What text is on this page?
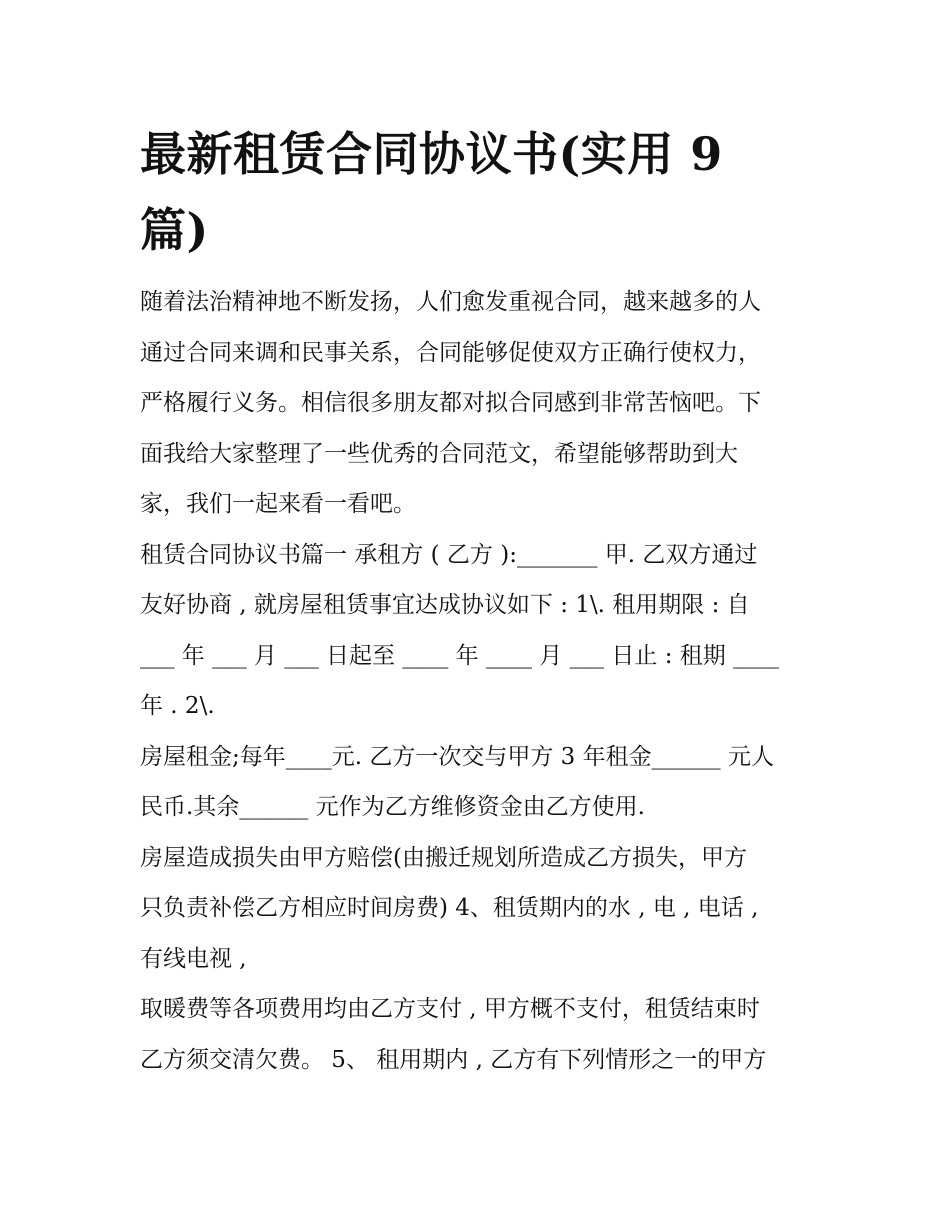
最新租赁合同协议书(实用 9
篇)
随着法治精神地不断发扬，人们愈发重视合同，越来越多的人
通过合同来调和民事关系，合同能够促使双方正确行使权力，
严格履行义务。相信很多朋友都对拟合同感到非常苦恼吧。下
面我给大家整理了一些优秀的合同范文，希望能够帮助到大
家，我们一起来看一看吧。
租赁合同协议书篇一 承租方 ( 乙方 ):_______ 甲. 乙双方通过
友好协商 , 就房屋租赁事宜达成协议如下 : 1\. 租用期限 : 自
___ 年 ___ 月 ___ 日起至 ____ 年 ____ 月 ___ 日止 : 租期 ____
年 . 2\.
房屋租金;每年____元. 乙方一次交与甲方 3 年租金______ 元人
民币.其余______ 元作为乙方维修资金由乙方使用.
房屋造成损失由甲方赔偿(由搬迁规划所造成乙方损失，甲方
只负责补偿乙方相应时间房费) 4、租赁期内的水 , 电 , 电话 ,
有线电视 ,
取暖费等各项费用均由乙方支付 , 甲方概不支付，租赁结束时
乙方须交清欠费。 5、 租用期内 , 乙方有下列情形之一的甲方
